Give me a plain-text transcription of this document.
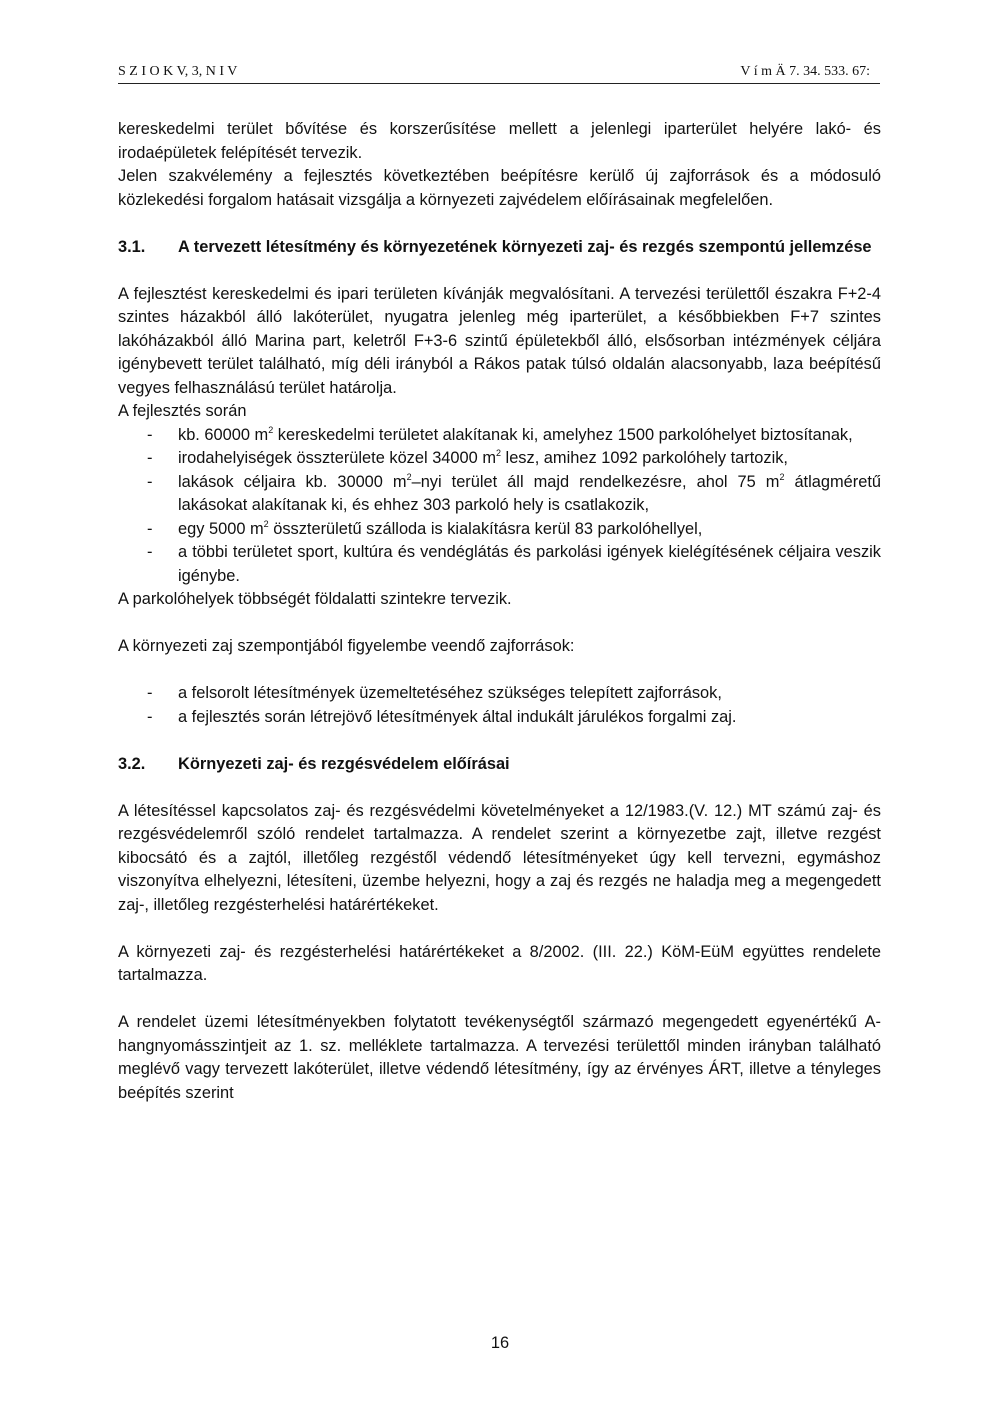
S Z I O K V, 3, N I V	V í m Ä 7. 34. 533. 67:

kereskedelmi terület bővítése és korszerűsítése mellett a jelenlegi iparterület helyére lakó- és irodaépületek felépítését tervezik.

Jelen szakvélemény a fejlesztés következtében beépítésre kerülő új zajforrások és a módosuló közlekedési forgalom hatásait vizsgálja a környezeti zajvédelem előírásainak megfelelően.

3.1.	A tervezett létesítmény és környezetének környezeti zaj- és rezgés szempontú jellemzése

A fejlesztést kereskedelmi és ipari területen kívánják megvalósítani. A tervezési területtől északra F+2-4 szintes házakból álló lakóterület, nyugatra jelenleg még iparterület, a későbbiekben F+7 szintes lakóházakból álló Marina part, keletről F+3-6 szintű épületekből álló, elsősorban intézmények céljára igénybevett terület található, míg déli irányból a Rákos patak túlsó oldalán alacsonyabb, laza beépítésű vegyes felhasználású terület határolja.

A fejlesztés során

- kb. 60000 $m^2$ kereskedelmi területet alakítanak ki, amelyhez 1500 parkolóhelyet biztosítanak,
- irodahelyiségek összterülete közel 34000 $m^2$ lesz, amihez 1092 parkolóhely tartozik,
- lakások céljaira kb. 30000 $m^2$–nyi terület áll majd rendelkezésre, ahol 75 $m^2$ átlagméretű lakásokat alakítanak ki, és ehhez 303 parkoló hely is csatlakozik,
- egy 5000 $m^2$ összterületű szálloda is kialakításra kerül 83 parkolóhellyel,
- a többi területet sport, kultúra és vendéglátás és parkolási igények kielégítésének céljaira veszik igénybe.

A parkolóhelyek többségét földalatti szintekre tervezik.

A környezeti zaj szempontjából figyelembe veendő zajforrások:

- a felsorolt létesítmények üzemeltetéséhez szükséges telepített zajforrások,
- a fejlesztés során létrejövő létesítmények által indukált járulékos forgalmi zaj.
3.2.	Környezeti zaj- és rezgésvédelem előírásai

A létesítéssel kapcsolatos zaj- és rezgésvédelmi követelményeket a 12/1983.(V. 12.) MT számú zaj- és rezgésvédelemről szóló rendelet tartalmazza. A rendelet szerint a környezetbe zajt, illetve rezgést kibocsátó és a zajtól, illetőleg rezgéstől védendő létesítményeket úgy kell tervezni, egymáshoz viszonyítva elhelyezni, létesíteni, üzembe helyezni, hogy a zaj és rezgés ne haladja meg a megengedett zaj-, illetőleg rezgésterhelési határértékeket.

A környezeti zaj- és rezgésterhelési határértékeket a 8/2002. (III. 22.) KöM-EüM együttes rendelete tartalmazza.

A rendelet üzemi létesítményekben folytatott tevékenységtől származó megengedett egyenértékű A-hangnyomásszintjeit az 1. sz. melléklete tartalmazza. A tervezési területtől minden irányban található meglévő vagy tervezett lakóterület, illetve védendő létesítmény, így az érvényes ÁRT, illetve a tényleges beépítés szerint

16
